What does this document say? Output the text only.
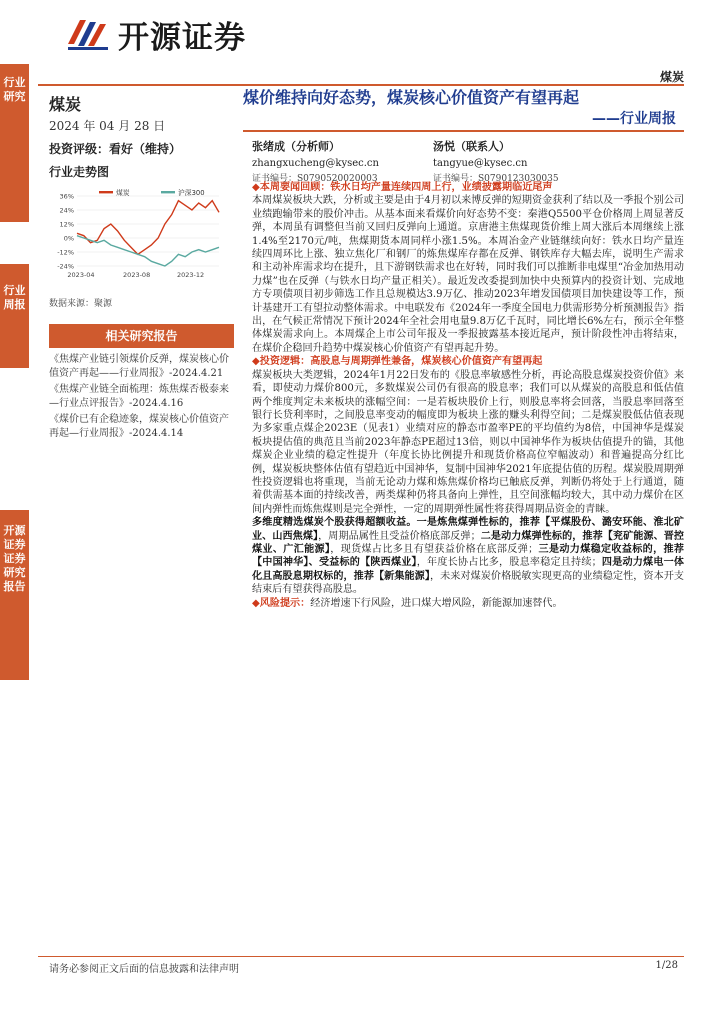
行业研究
行业周报
开源证券证券研究报告
开源证券
煤炭
煤炭
2024 年 04 月 28 日
投资评级：看好（维持）
行业走势图
36%
24%
12%
0%
-12%
-24%
2023-04	2023-08	2023-12
煤炭	沪深300
数据来源：聚源
相关研究报告
《焦煤产业链引领煤价反弹，煤炭核心价值资产再起——行业周报》-2024.4.21
《焦煤产业链全面梳理：炼焦煤否极泰来—行业点评报告》-2024.4.16
《煤价已有企稳迹象，煤炭核心价值资产再起—行业周报》-2024.4.14
煤价维持向好态势，煤炭核心价值资产有望再起
——行业周报
张绪成（分析师）
zhangxucheng@kysec.cn
汤悦（联系人）
tangyue@kysec.cn
证书编号：S0790520020003	证书编号：S0790123030035

◆本周要闻回顾：铁水日均产量连续四周上行，业绩披露期临近尾声

本周煤炭板块大跌，分析或主要是由于4月初以来博反弹的短期资金获利了结以及一季报个别公司业绩跑输带来的股价冲击。从基本面来看煤价向好态势不变：秦港Q5500平仓价格周上周显著反弹，本周虽有调整但当前又回归反弹向上通道。京唐港主焦煤现货价维上周大涨后本周继续上涨1.4%至2170元/吨，焦煤期货本周同样小涨1.5%。本周冶金产业链继续向好：铁水日均产量连续四周环比上涨、独立焦化厂和钢厂的炼焦煤库存都在反弹、钢铁库存大幅去库，说明生产需求和主动补库需求均在提升，且下游钢铁需求也在好转，同时我们可以推断非电煤里“冶金加热用动力煤”也在反弹（与铁水日均产量正相关）。最近发改委提到加快中央预算内的投资计划、完成地方专项债项目初步筛选工作且总规模达3.9万亿、推动2023年增发国债项目加快建设等工作，预计基建开工有望拉动整体需求。中电联发布《2024年一季度全国电力供需形势分析预测报告》指出，在气候正常情况下预计2024年全社会用电量9.8万亿千瓦时，同比增长6%左右，预示全年整体煤炭需求向上。本周煤企上市公司年报及一季报披露基本接近尾声，预计阶段性冲击将结束，在煤价企稳回升趋势中煤炭核心价值资产有望再起升势。

◆投资逻辑：高股息与周期弹性兼备，煤炭核心价值资产有望再起

煤炭板块大类逻辑，2024年1月22日发布的《股息率敏感性分析，再论高股息煤炭投资价值》来看，即使动力煤价800元，多数煤炭公司仍有很高的股息率；我们可以从煤炭的高股息和低估值两个维度判定未来板块的涨幅空间：一是若板块股价上行，则股息率将会回落，当股息率回落至银行长贷利率时，之间股息率变动的幅度即为板块上涨的赚头利得空间；二是煤炭股低估值表现为多家重点煤企2023E（见表1）业绩对应的静态市盈率PE的平均值约为8倍，中国神华是煤炭板块提估值的典范且当前2023年静态PE超过13倍，则以中国神华作为板块估值提升的锚，其他煤炭企业业绩的稳定性提升（年度长协比例提升和现货价格高位窄幅波动）和普遍提高分红比例，煤炭板块整体估值有望趋近中国神华，复制中国神华2021年底提估值的历程。煤炭股周期弹性投资逻辑也将重现，当前无论动力煤和炼焦煤价格均已触底反弹，判断仍将处于上行通道，随着供需基本面的持续改善，两类煤种仍将具备向上弹性，且空间涨幅均较大，其中动力煤价在区间内弹性而炼焦煤则是完全弹性，一定的周期弹性属性将获得周期品资金的青睐。

多维度精选煤炭个股获得超额收益。一是炼焦煤弹性标的，推荐【平煤股份、潞安环能、淮北矿业、山西焦煤】，周期品属性且受益价格底部反弹；二是动力煤弹性标的，推荐【兖矿能源、晋控煤业、广汇能源】，现货煤占比多且有望获益价格在底部反弹；三是动力煤稳定收益标的，推荐【中国神华】、受益标的【陕西煤业】，年度长协占比多，股息率稳定且持续；四是动力煤电一体化且高股息期权标的，推荐【新集能源】，未来对煤炭价格脱敏实现更高的业绩稳定性，资本开支结束后有望获得高股息。

◆风险提示：经济增速下行风险，进口煤大增风险，新能源加速替代。

请务必参阅正文后面的信息披露和法律声明	1/28
